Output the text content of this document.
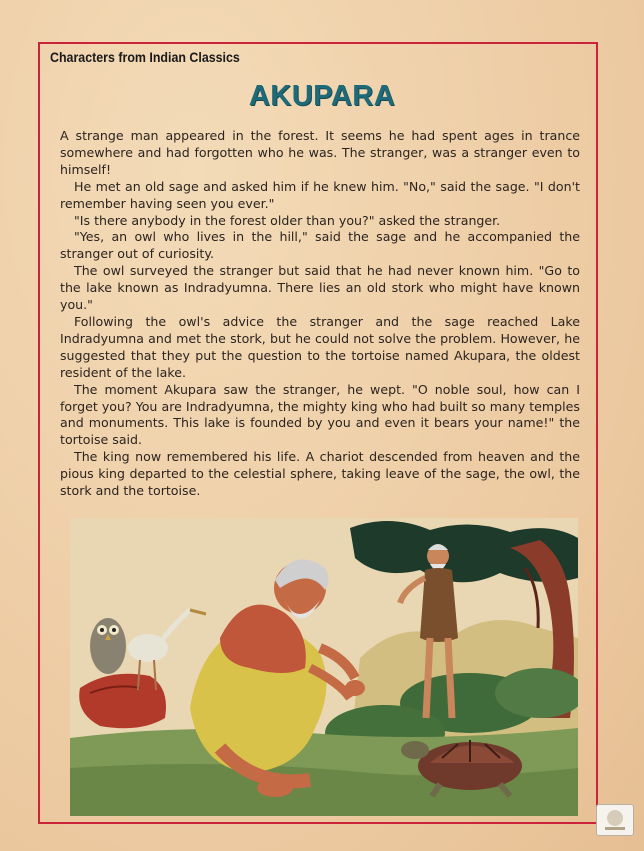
Characters from Indian Classics
AKUPARA

A strange man appeared in the forest. It seems he had spent ages in trance somewhere and had forgotten who he was. The stranger, was a stranger even to himself!

He met an old sage and asked him if he knew him. "No," said the sage. "I don't remember having seen you ever."

"Is there anybody in the forest older than you?" asked the stranger.

"Yes, an owl who lives in the hill," said the sage and he accompanied the stranger out of curiosity.

The owl surveyed the stranger but said that he had never known him. "Go to the lake known as Indradyumna. There lies an old stork who might have known you."

Following the owl's advice the stranger and the sage reached Lake Indradyumna and met the stork, but he could not solve the problem. However, he suggested that they put the question to the tortoise named Akupara, the oldest resident of the lake.

The moment Akupara saw the stranger, he wept. "O noble soul, how can I forget you? You are Indradyumna, the mighty king who had built so many temples and monuments. This lake is founded by you and even it bears your name!" the tortoise said.

The king now remembered his life. A chariot descended from heaven and the pious king departed to the celestial sphere, taking leave of the sage, the owl, the stork and the tortoise.
